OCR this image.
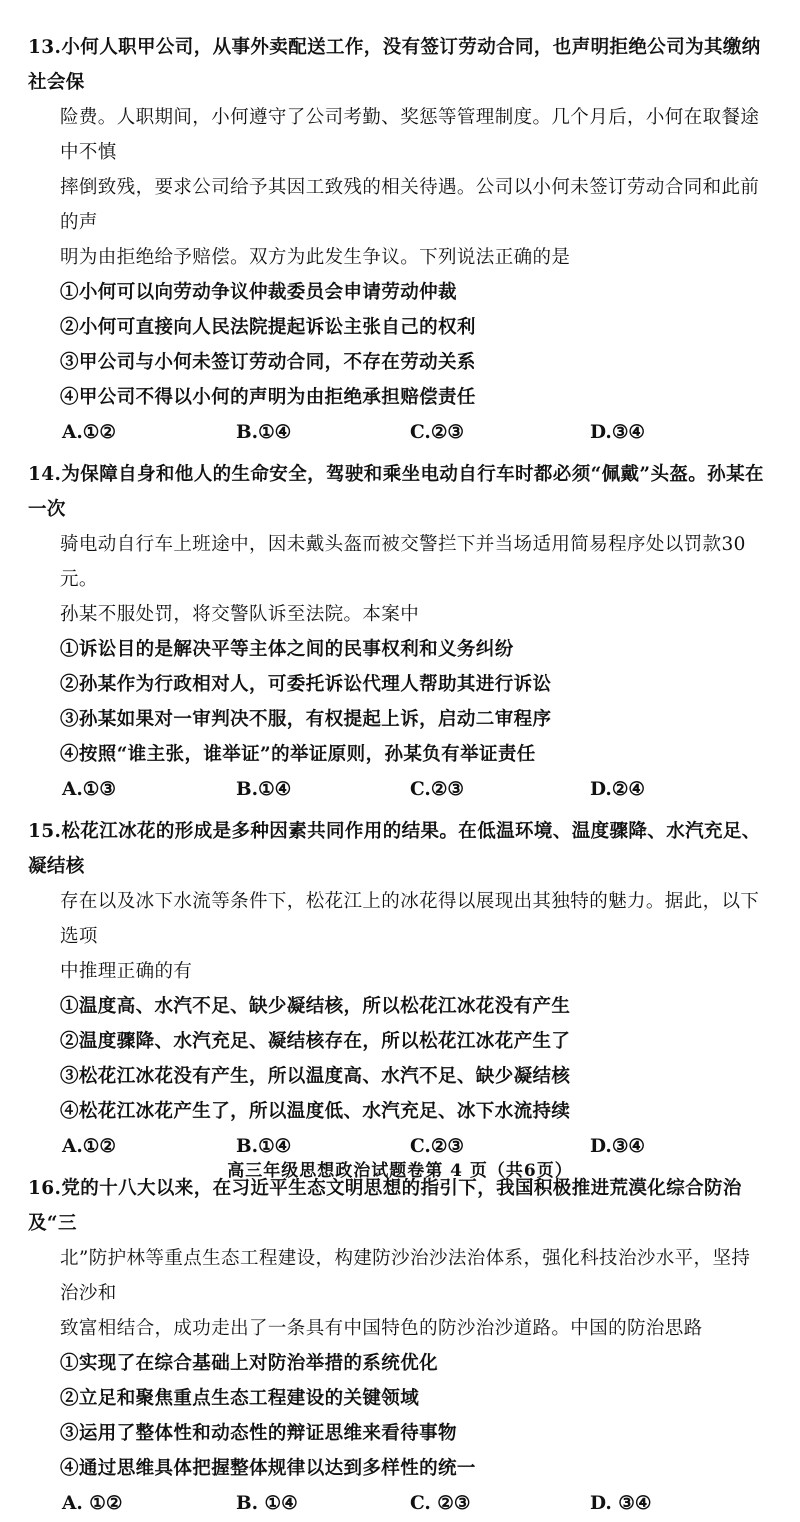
13.小何人职甲公司，从事外卖配送工作，没有签订劳动合同，也声明拒绝公司为其缴纳社会保
险费。人职期间，小何遵守了公司考勤、奖惩等管理制度。几个月后，小何在取餐途中不慎
摔倒致残，要求公司给予其因工致残的相关待遇。公司以小何未签订劳动合同和此前的声
明为由拒绝给予赔偿。双方为此发生争议。下列说法正确的是
①小何可以向劳动争议仲裁委员会申请劳动仲裁
②小何可直接向人民法院提起诉讼主张自己的权利
③甲公司与小何未签订劳动合同，不存在劳动关系
④甲公司不得以小何的声明为由拒绝承担赔偿责任
A.①②	B.①④	C.②③	D.③④
14.为保障自身和他人的生命安全，驾驶和乘坐电动自行车时都必须“佩戴”头盔。孙某在一次
骑电动自行车上班途中，因未戴头盔而被交警拦下并当场适用简易程序处以罚款30元。
孙某不服处罚，将交警队诉至法院。本案中
①诉讼目的是解决平等主体之间的民事权利和义务纠纷
②孙某作为行政相对人，可委托诉讼代理人帮助其进行诉讼
③孙某如果对一审判决不服，有权提起上诉，启动二审程序
④按照“谁主张，谁举证”的举证原则，孙某负有举证责任
A.①③	B.①④	C.②③	D.②④
15.松花江冰花的形成是多种因素共同作用的结果。在低温环境、温度骤降、水汽充足、凝结核
存在以及冰下水流等条件下，松花江上的冰花得以展现出其独特的魅力。据此，以下选项
中推理正确的有
①温度高、水汽不足、缺少凝结核，所以松花江冰花没有产生
②温度骤降、水汽充足、凝结核存在，所以松花江冰花产生了
③松花江冰花没有产生，所以温度高、水汽不足、缺少凝结核
④松花江冰花产生了，所以温度低、水汽充足、冰下水流持续
A.①②	B.①④	C.②③	D.③④
16.党的十八大以来，在习近平生态文明思想的指引下，我国积极推进荒漠化综合防治及“三
北”防护林等重点生态工程建设，构建防沙治沙法治体系，强化科技治沙水平，坚持治沙和
致富相结合，成功走出了一条具有中国特色的防沙治沙道路。中国的防治思路
①实现了在综合基础上对防治举措的系统优化
②立足和聚焦重点生态工程建设的关键领域
③运用了整体性和动态性的辩证思维来看待事物
④通过思维具体把握整体规律以达到多样性的统一
A. ①②	B. ①④	C. ②③	D. ③④
高三年级思想政治试题卷第 4 页（共6页）
